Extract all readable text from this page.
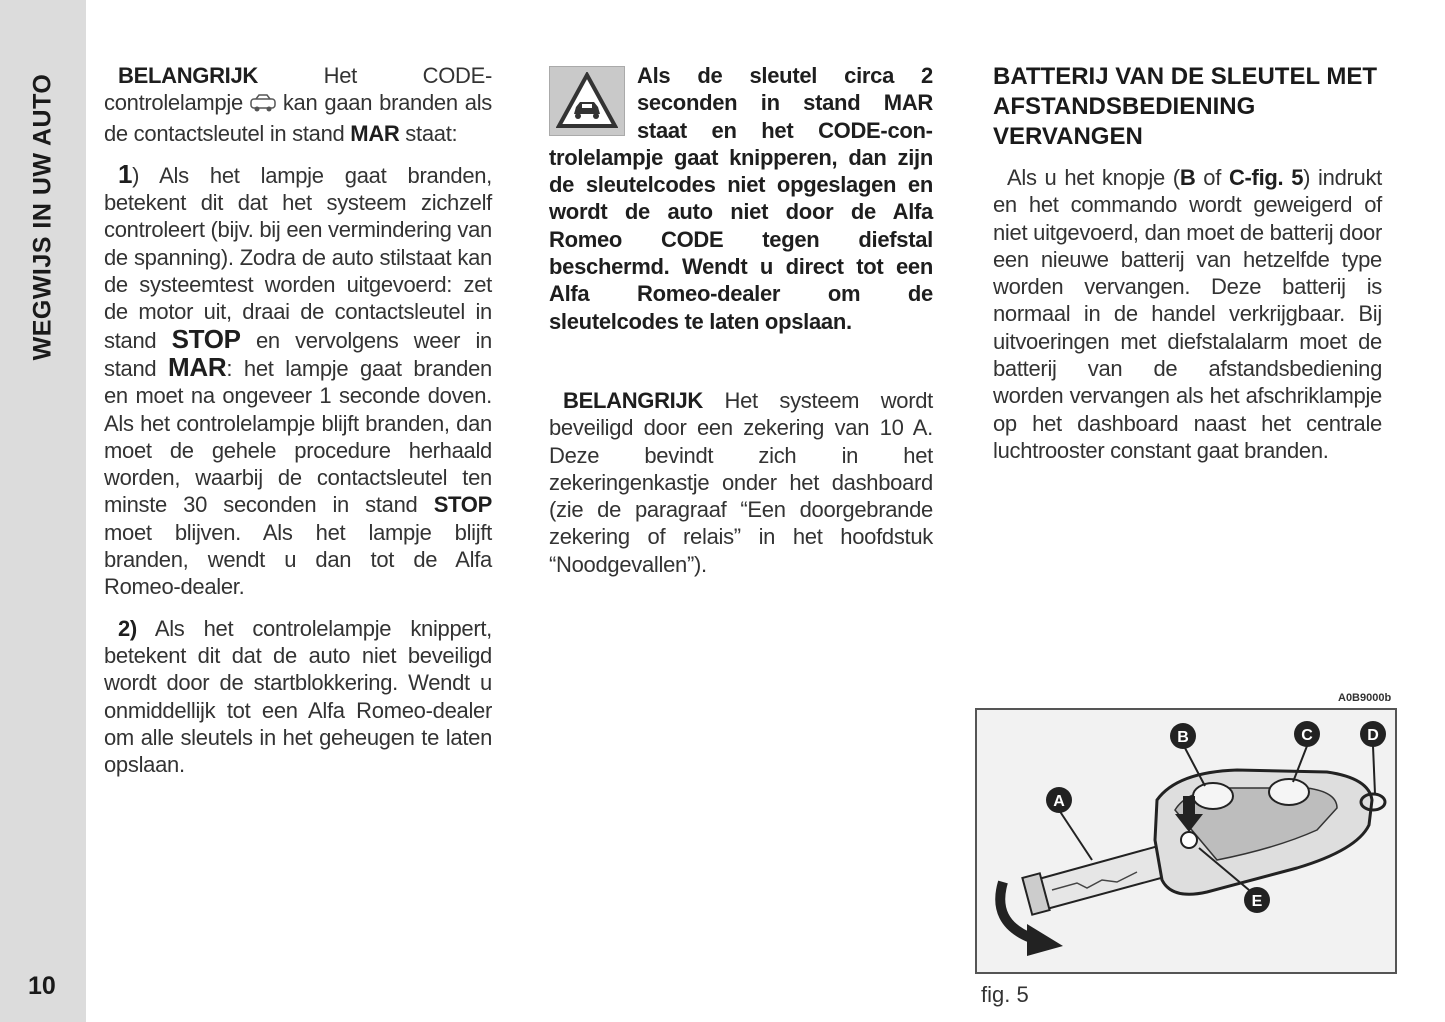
WEGWIJS IN UW AUTO
10

BELANGRIJK Het CODE-controlelampje  kan gaan branden als de contactsleutel in stand MAR staat:

1) Als het lampje gaat branden, betekent dit dat het systeem zichzelf controleert (bijv. bij een vermindering van de spanning). Zodra de auto stilstaat kan de systeemtest worden uitgevoerd: zet de motor uit, draai de contactsleutel in stand STOP en vervolgens weer in stand MAR: het lampje gaat branden en moet na ongeveer 1 seconde doven. Als het controlelampje blijft branden, dan moet de gehele procedure herhaald worden, waarbij de contactsleutel ten minste 30 seconden in stand STOP moet blijven. Als het lampje blijft branden, wendt u dan tot de Alfa Romeo-dealer.

2) Als het controlelampje knippert, betekent dit dat de auto niet beveiligd wordt door de startblokkering. Wendt u onmiddellijk tot een Alfa Romeo-dealer om alle sleutels in het geheugen te laten opslaan.

Als de sleutel circa 2 seconden in stand MAR staat en het CODE-controlelampje gaat knipperen, dan zijn de sleutelcodes niet opgeslagen en wordt de auto niet door de Alfa Romeo CODE tegen diefstal beschermd. Wendt u direct tot een Alfa Romeo-dealer om de sleutelcodes te laten opslaan.

BELANGRIJK Het systeem wordt beveiligd door een zekering van 10 A. Deze bevindt zich in het zekeringenkastje onder het dashboard (zie de paragraaf “Een doorgebrande zekering of relais” in het hoofdstuk “Noodgevallen”).

BATTERIJ VAN DE SLEUTEL MET AFSTANDSBEDIENING VERVANGEN

Als u het knopje (B of C-fig. 5) indrukt en het commando wordt geweigerd of niet uitgevoerd, dan moet de batterij door een nieuwe batterij van hetzelfde type worden vervangen. Deze batterij is normaal in de handel verkrijgbaar. Bij uitvoeringen met diefstalalarm moet de batterij van de afstandsbediening worden vervangen als het afschriklampje op het dashboard naast het centrale luchtrooster constant gaat branden.

A0B9000b
A
B	C	D
E
fig. 5
